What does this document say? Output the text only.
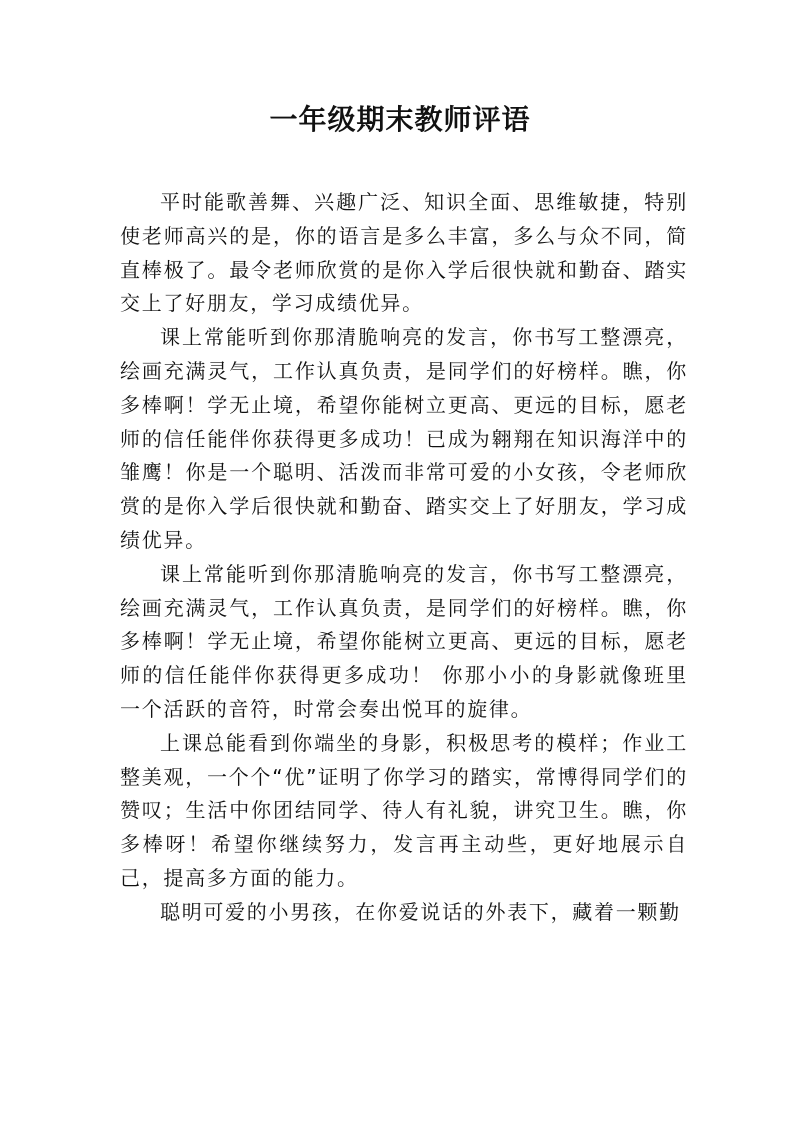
一年级期末教师评语

平时能歌善舞、兴趣广泛、知识全面、思维敏捷，特别使老师高兴的是，你的语言是多么丰富，多么与众不同，简直棒极了。最令老师欣赏的是你入学后很快就和勤奋、踏实交上了好朋友，学习成绩优异。

课上常能听到你那清脆响亮的发言，你书写工整漂亮，绘画充满灵气，工作认真负责，是同学们的好榜样。瞧，你多棒啊！学无止境，希望你能树立更高、更远的目标，愿老师的信任能伴你获得更多成功！已成为翱翔在知识海洋中的雏鹰！你是一个聪明、活泼而非常可爱的小女孩，令老师欣赏的是你入学后很快就和勤奋、踏实交上了好朋友，学习成绩优异。

课上常能听到你那清脆响亮的发言，你书写工整漂亮，绘画充满灵气，工作认真负责，是同学们的好榜样。瞧，你多棒啊！学无止境，希望你能树立更高、更远的目标，愿老师的信任能伴你获得更多成功！ 你那小小的身影就像班里一个活跃的音符，时常会奏出悦耳的旋律。

上课总能看到你端坐的身影，积极思考的模样；作业工整美观，一个个“优”证明了你学习的踏实，常博得同学们的赞叹；生活中你团结同学、待人有礼貌，讲究卫生。瞧，你多棒呀！希望你继续努力，发言再主动些，更好地展示自己，提高多方面的能力。

聪明可爱的小男孩，在你爱说话的外表下，藏着一颗勤
